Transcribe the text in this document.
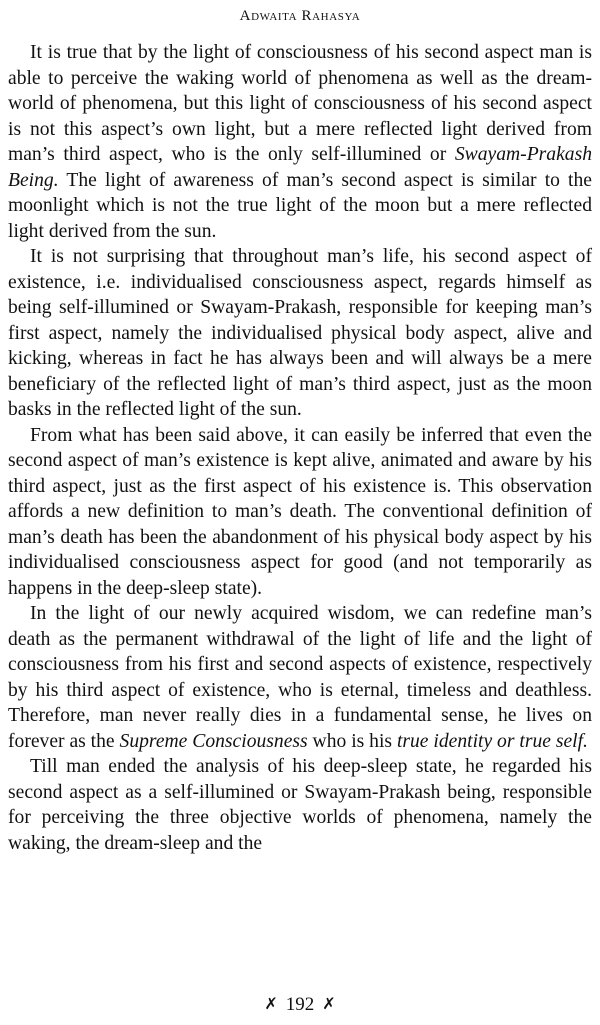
Adwaita Rahasya

It is true that by the light of consciousness of his second aspect man is able to perceive the waking world of phenomena as well as the dream-world of phenomena, but this light of consciousness of his second aspect is not this aspect’s own light, but a mere reflected light derived from man’s third aspect, who is the only self-illumined or Swayam-Prakash Being. The light of awareness of man’s second aspect is similar to the moonlight which is not the true light of the moon but a mere reflected light derived from the sun.

It is not surprising that throughout man’s life, his second aspect of existence, i.e. individualised consciousness aspect, regards himself as being self-illumined or Swayam-Prakash, responsible for keeping man’s first aspect, namely the individualised physical body aspect, alive and kicking, whereas in fact he has always been and will always be a mere beneficiary of the reflected light of man’s third aspect, just as the moon basks in the reflected light of the sun.

From what has been said above, it can easily be inferred that even the second aspect of man’s existence is kept alive, animated and aware by his third aspect, just as the first aspect of his existence is. This observation affords a new definition to man’s death. The conventional definition of man’s death has been the abandonment of his physical body aspect by his individualised consciousness aspect for good (and not temporarily as happens in the deep-sleep state).

In the light of our newly acquired wisdom, we can redefine man’s death as the permanent withdrawal of the light of life and the light of consciousness from his first and second aspects of existence, respectively by his third aspect of existence, who is eternal, timeless and deathless. Therefore, man never really dies in a fundamental sense, he lives on forever as the Supreme Consciousness who is his true identity or true self.

Till man ended the analysis of his deep-sleep state, he regarded his second aspect as a self-illumined or Swayam-Prakash being, responsible for perceiving the three objective worlds of phenomena, namely the waking, the dream-sleep and the

✗ 192 ✗
